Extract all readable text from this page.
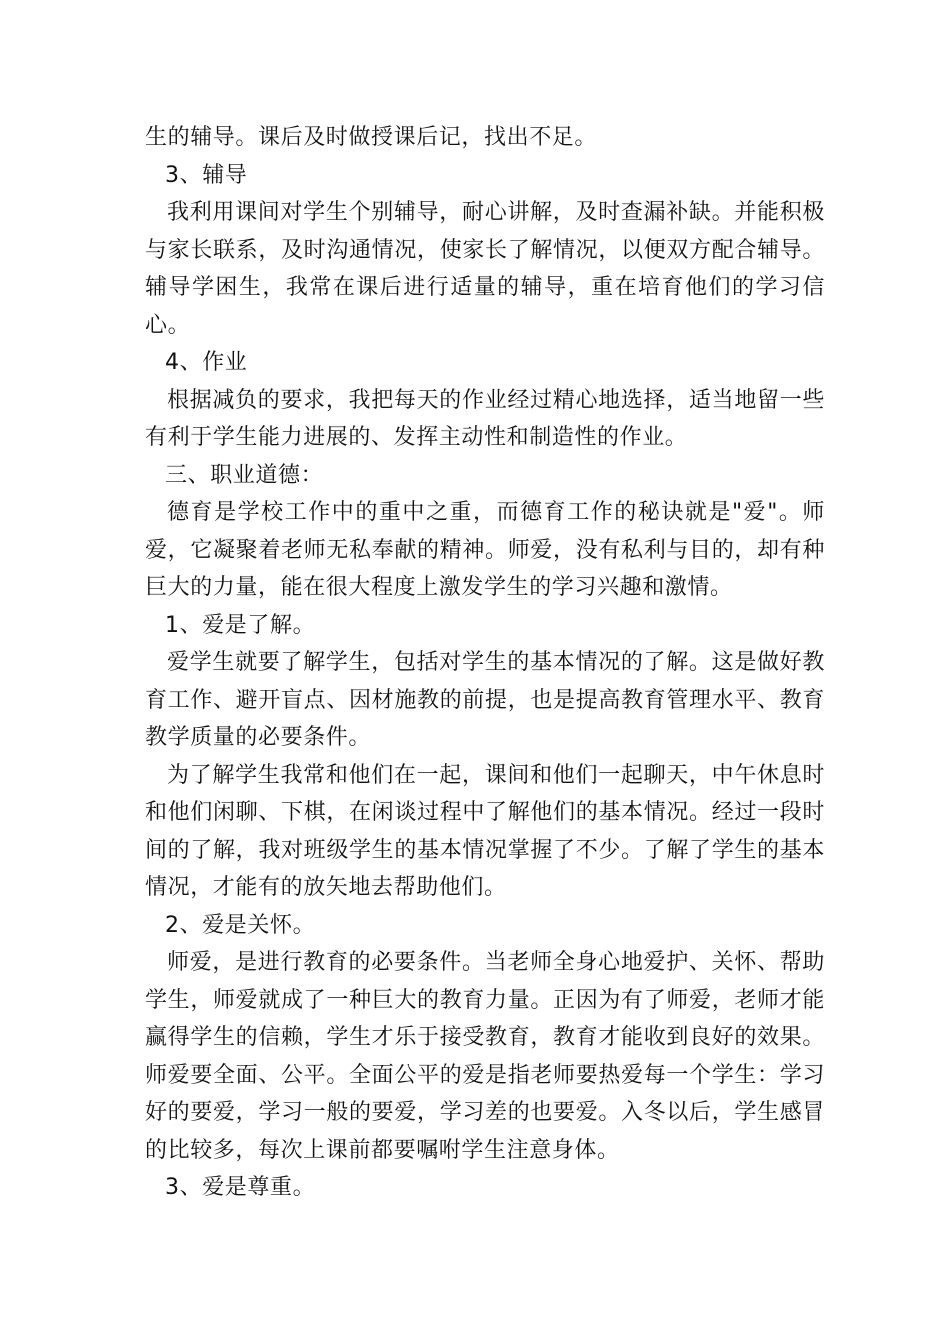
生的辅导。课后及时做授课后记，找出不足。

3、辅导

我利用课间对学生个别辅导，耐心讲解，及时查漏补缺。并能积极与家长联系，及时沟通情况，使家长了解情况，以便双方配合辅导。辅导学困生，我常在课后进行适量的辅导，重在培育他们的学习信心。

4、作业

根据减负的要求，我把每天的作业经过精心地选择，适当地留一些有利于学生能力进展的、发挥主动性和制造性的作业。

三、职业道德：

德育是学校工作中的重中之重，而德育工作的秘诀就是"爱"。师爱，它凝聚着老师无私奉献的精神。师爱，没有私利与目的，却有种巨大的力量，能在很大程度上激发学生的学习兴趣和激情。

1、爱是了解。

爱学生就要了解学生，包括对学生的基本情况的了解。这是做好教育工作、避开盲点、因材施教的前提，也是提高教育管理水平、教育教学质量的必要条件。

为了解学生我常和他们在一起，课间和他们一起聊天，中午休息时和他们闲聊、下棋，在闲谈过程中了解他们的基本情况。经过一段时间的了解，我对班级学生的基本情况掌握了不少。了解了学生的基本情况，才能有的放矢地去帮助他们。

2、爱是关怀。

师爱，是进行教育的必要条件。当老师全身心地爱护、关怀、帮助学生，师爱就成了一种巨大的教育力量。正因为有了师爱，老师才能赢得学生的信赖，学生才乐于接受教育，教育才能收到良好的效果。师爱要全面、公平。全面公平的爱是指老师要热爱每一个学生：学习好的要爱，学习一般的要爱，学习差的也要爱。入冬以后，学生感冒的比较多，每次上课前都要嘱咐学生注意身体。

3、爱是尊重。
